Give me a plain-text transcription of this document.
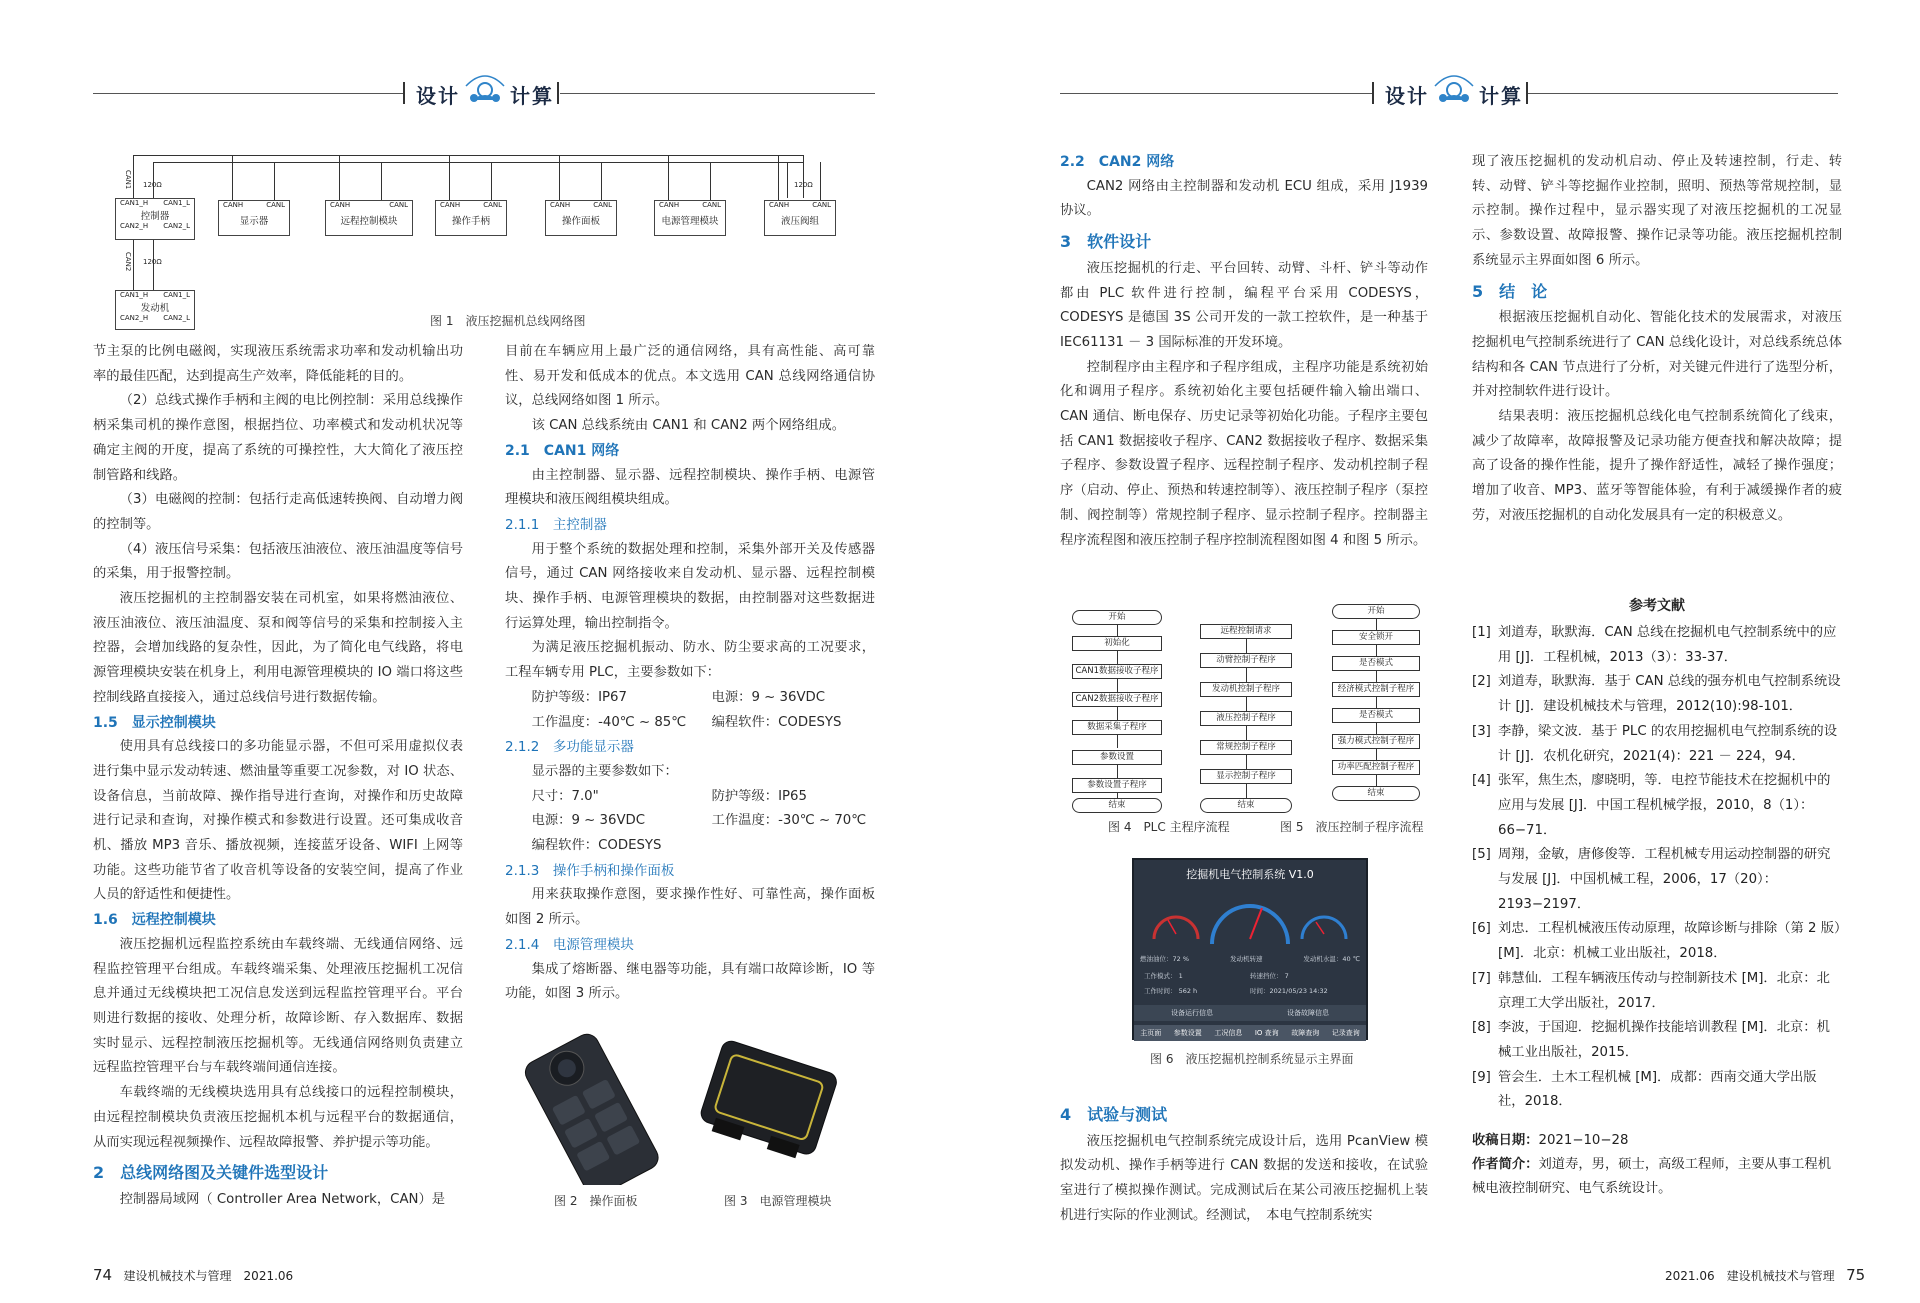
设计	计算	设计	计算
CAN1 120Ω	120Ω
CAN1_H CAN1_L
控制器
CAN2_H CAN2_L
CANH	CANL
显示器
CANH	CANL
远程控制模块
CANH	CANL
操作手柄
CANH	CANL
操作面板
CANH	CANL
电源管理模块
CANH	CANL
液压阀组
CAN2 120Ω
CAN1_H CAN1_L
发动机
CAN2_H CAN2_L	图 1　液压挖掘机总线网络图

节主泵的比例电磁阀，实现液压系统需求功率和发动机输出功率的最佳匹配，达到提高生产效率，降低能耗的目的。

（2）总线式操作手柄和主阀的电比例控制：采用总线操作柄采集司机的操作意图，根据挡位、功率模式和发动机状况等确定主阀的开度，提高了系统的可操控性，大大简化了液压控制管路和线路。

（3）电磁阀的控制：包括行走高低速转换阀、自动增力阀的控制等。

（4）液压信号采集：包括液压油液位、液压油温度等信号的采集，用于报警控制。

液压挖掘机的主控制器安装在司机室，如果将燃油液位、液压油液位、液压油温度、泵和阀等信号的采集和控制接入主控器，会增加线路的复杂性，因此，为了简化电气线路，将电源管理模块安装在机身上，利用电源管理模块的 IO 端口将这些控制线路直接接入，通过总线信号进行数据传输。

1.5　显示控制模块

使用具有总线接口的多功能显示器，不但可采用虚拟仪表进行集中显示发动转速、燃油量等重要工况参数，对 IO 状态、设备信息，当前故障、操作指导进行查询，对操作和历史故障进行记录和查询，对操作模式和参数进行设置。还可集成收音机、播放 MP3 音乐、播放视频，连接蓝牙设备、WIFI 上网等功能。这些功能节省了收音机等设备的安装空间，提高了作业人员的舒适性和便捷性。

1.6　远程控制模块

液压挖掘机远程监控系统由车载终端、无线通信网络、远程监控管理平台组成。车载终端采集、处理液压挖掘机工况信息并通过无线模块把工况信息发送到远程监控管理平台。平台则进行数据的接收、处理分析，故障诊断、存入数据库、数据实时显示、远程控制液压挖掘机等。无线通信网络则负责建立远程监控管理平台与车载终端间通信连接。

车载终端的无线模块选用具有总线接口的远程控制模块，由远程控制模块负责液压挖掘机本机与远程平台的数据通信，从而实现远程视频操作、远程故障报警、养护提示等功能。

2　总线网络图及关键件选型设计

控制器局域网（ Controller Area Network，CAN）是

目前在车辆应用上最广泛的通信网络，具有高性能、高可靠性、易开发和低成本的优点。本文选用 CAN 总线网络通信协议，总线网络如图 1 所示。

该 CAN 总线系统由 CAN1 和 CAN2 两个网络组成。

2.1　CAN1 网络

由主控制器、显示器、远程控制模块、操作手柄、电源管理模块和液压阀组模块组成。

2.1.1　主控制器

用于整个系统的数据处理和控制，采集外部开关及传感器信号，通过 CAN 网络接收来自发动机、显示器、远程控制模块、操作手柄、电源管理模块的数据，由控制器对这些数据进行运算处理，输出控制指令。

为满足液压挖掘机振动、防水、防尘要求高的工况要求，工程车辆专用 PLC，主要参数如下：

防护等级：IP67	电源：9 ~ 36VDC
工作温度：-40℃ ~ 85℃	编程软件：CODESYS
2.1.2　多功能显示器

显示器的主要参数如下：

尺寸：7.0"	防护等级：IP65
电源：9 ~ 36VDC	工作温度：-30℃ ~ 70℃

编程软件：CODESYS

2.1.3　操作手柄和操作面板

用来获取操作意图，要求操作性好、可靠性高，操作面板如图 2 所示。

2.1.4　电源管理模块

集成了熔断器、继电器等功能，具有端口故障诊断，IO 等功能，如图 3 所示。

图 2　操作面板	图 3　电源管理模块
2.2　CAN2 网络

CAN2 网络由主控制器和发动机 ECU 组成，采用 J1939 协议。

3　软件设计

液压挖掘机的行走、平台回转、动臂、斗杆、铲斗等动作都由 PLC 软件进行控制，编程平台采用 CODESYS，CODESYS 是德国 3S 公司开发的一款工控软件，是一种基于 IEC61131 － 3 国际标准的开发环境。

控制程序由主程序和子程序组成，主程序功能是系统初始化和调用子程序。系统初始化主要包括硬件输入输出端口、CAN 通信、断电保存、历史记录等初始化功能。子程序主要包括 CAN1 数据接收子程序、CAN2 数据接收子程序、数据采集子程序、参数设置子程序、远程控制子程序、发动机控制子程序（启动、停止、预热和转速控制等）、液压控制子程序（泵控制、阀控制等）常规控制子程序、显示控制子程序。控制器主程序流程图和液压控制子程序控制流程图如图 4 和图 5 所示。

开始
初始化
CAN1数据接收子程序
CAN2数据接收子程序
数据采集子程序
参数设置
参数设置子程序
结束
远程控制请求
动臂控制子程序
发动机控制子程序
液压控制子程序
常规控制子程序
显示控制子程序
结束
开始
安全锁开
是否模式
经济模式控制子程序
是否模式
强力模式控制子程序
功率匹配控制子程序
结束
图 4　PLC 主程序流程	图 5　液压控制子程序流程
挖掘机电气控制系统 V1.0
燃油油位：72 %	发动机转速	发动机水温：40 ℃
工作模式： 1	转速挡位： 7
工作时间： 562 h	时间：2021/05/23 14:32
设备运行信息	设备故障信息
主页面 参数设置 工况信息 IO 查询 故障查询 记录查询
图 6　液压挖掘机控制系统显示主界面
4　试验与测试

液压挖掘机电气控制系统完成设计后，选用 PcanView 模拟发动机、操作手柄等进行 CAN 数据的发送和接收，在试验室进行了模拟操作测试。完成测试后在某公司液压挖掘机上装机进行实际的作业测试。经测试，　本电气控制系统实

现了液压挖掘机的发动机启动、停止及转速控制，行走、转转、动臂、铲斗等挖掘作业控制，照明、预热等常规控制，显示控制。操作过程中，显示器实现了对液压挖掘机的工况显示、参数设置、故障报警、操作记录等功能。液压挖掘机控制系统显示主界面如图 6 所示。

5　结　论

根据液压挖掘机自动化、智能化技术的发展需求，对液压挖掘机电气控制系统进行了 CAN 总线化设计，对总线系统总体结构和各 CAN 节点进行了分析，对关键元件进行了选型分析，并对控制软件进行设计。

结果表明：液压挖掘机总线化电气控制系统简化了线束，减少了故障率，故障报警及记录功能方便查找和解决故障；提高了设备的操作性能，提升了操作舒适性，减轻了操作强度；增加了收音、MP3、蓝牙等智能体验，有利于减缓操作者的疲劳，对液压挖掘机的自动化发展具有一定的积极意义。

参考文献
[1] 刘道寿，耿默海．CAN 总线在挖掘机电气控制系统中的应用 [J]．工程机械，2013（3）：33-37．
[2] 刘道寿，耿默海．基于 CAN 总线的强夯机电气控制系统设计 [J]．建设机械技术与管理，2012(10):98-101．
[3] 李静，梁文波．基于 PLC 的农用挖掘机电气控制系统的设计 [J]．农机化研究，2021(4)：221 － 224，94．
[4] 张军，焦生杰，廖晓明，等．电控节能技术在挖掘机中的应用与发展 [J]．中国工程机械学报，2010，8（1）：66−71．
[5] 周翔，金敏，唐修俊等．工程机械专用运动控制器的研究与发展 [J]．中国机械工程，2006，17（20）：2193−2197．
[6] 刘忠．工程机械液压传动原理，故障诊断与排除（第 2 版）[M]．北京：机械工业出版社，2018．
[7] 韩慧仙．工程车辆液压传动与控制新技术 [M]．北京：北京理工大学出版社，2017．
[8] 李波，于国迎．挖掘机操作技能培训教程 [M]．北京：机械工业出版社，2015．
[9] 管会生．土木工程机械 [M]．成都：西南交通大学出版社，2018．
收稿日期：2021−10−28
作者简介：刘道寿，男，硕士，高级工程师，主要从事工程机械电液控制研究、电气系统设计。
74 建设机械技术与管理　2021.06	2021.06　建设机械技术与管理 75
